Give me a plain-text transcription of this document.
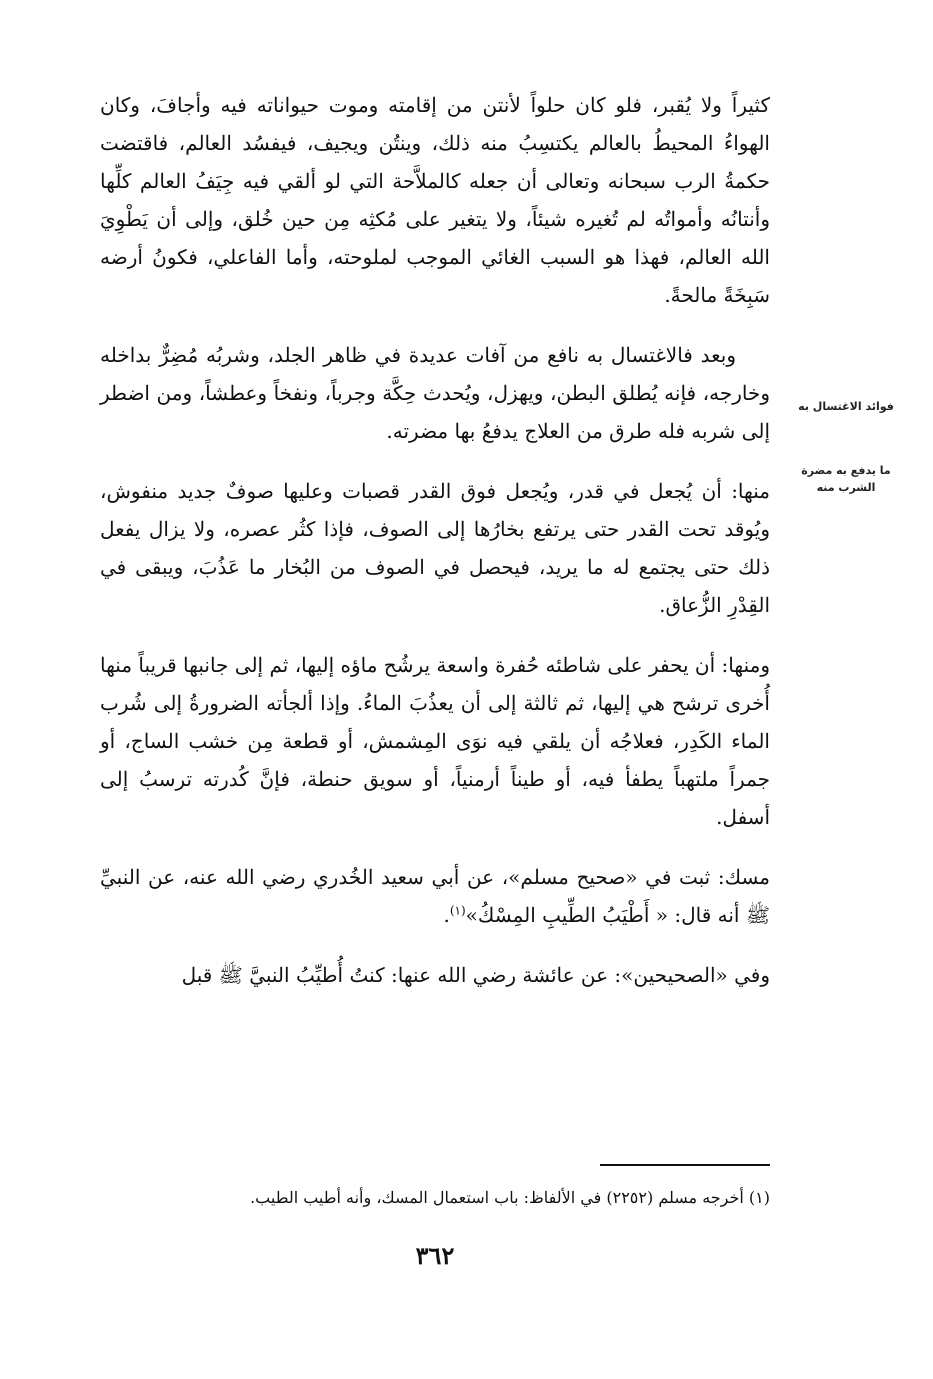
فوائد الاغتسال به
ما يدفع به مضرة الشرب منه

كثيراً ولا يُقبر، فلو كان حلواً لأنتن من إقامته وموت حيواناته فيه وأجافَ، وكان الهواءُ المحيطُ بالعالم يكتسِبُ منه ذلك، وينتُن ويجيف، فيفسُد العالم، فاقتضت حكمةُ الرب سبحانه وتعالى أن جعله كالملاَّحة التي لو ألقي فيه جِيَفُ العالم كلِّها وأنتانُه وأمواتُه لم تُغيره شيئاً، ولا يتغير على مُكثِه مِن حين خُلق، وإلى أن يَطْوِيَ الله العالم، فهذا هو السبب الغائي الموجب لملوحته، وأما الفاعلي، فكونُ أرضه سَبِخَةً مالحةً.

وبعد فالاغتسال به نافع من آفات عديدة في ظاهر الجلد، وشربُه مُضِرٌّ بداخله وخارجه، فإنه يُطلق البطن، ويهزل، ويُحدث حِكَّة وجرباً، ونفخاً وعطشاً، ومن اضطر إلى شربه فله طرق من العلاج يدفعُ بها مضرته.

منها: أن يُجعل في قدر، ويُجعل فوق القدر قصبات وعليها صوفٌ جديد منفوش، ويُوقد تحت القدر حتى يرتفع بخارُها إلى الصوف، فإذا كثُر عصره، ولا يزال يفعل ذلك حتى يجتمع له ما يريد، فيحصل في الصوف من البُخار ما عَذُبَ، ويبقى في القِدْرِ الزُّعاق.

ومنها: أن يحفر على شاطئه حُفرة واسعة يرشُح ماؤه إليها، ثم إلى جانبها قريباً منها أُخرى ترشح هي إليها، ثم ثالثة إلى أن يعذُبَ الماءُ. وإذا ألجأته الضرورةُ إلى شُرب الماء الكَدِر، فعلاجُه أن يلقي فيه نوَى المِشمش، أو قطعة مِن خشب الساج، أو جمراً ملتهباً يطفأ فيه، أو طيناً أرمنياً، أو سويق حنطة، فإنَّ كُدرته ترسبُ إلى أسفل.

مسك: ثبت في «صحيح مسلم»، عن أبي سعيد الخُدري رضي الله عنه، عن النبيِّ ﷺ أنه قال: « أَطْيَبُ الطِّيبِ المِسْكُ»$^{(١)}$.

وفي «الصحيحين»: عن عائشة رضي الله عنها: كنتُ أُطيِّبُ النبيَّ ﷺ قبل

(١) أخرجه مسلم (٢٢٥٢) في الألفاظ: باب استعمال المسك، وأنه أطيب الطيب.
٣٦٢
